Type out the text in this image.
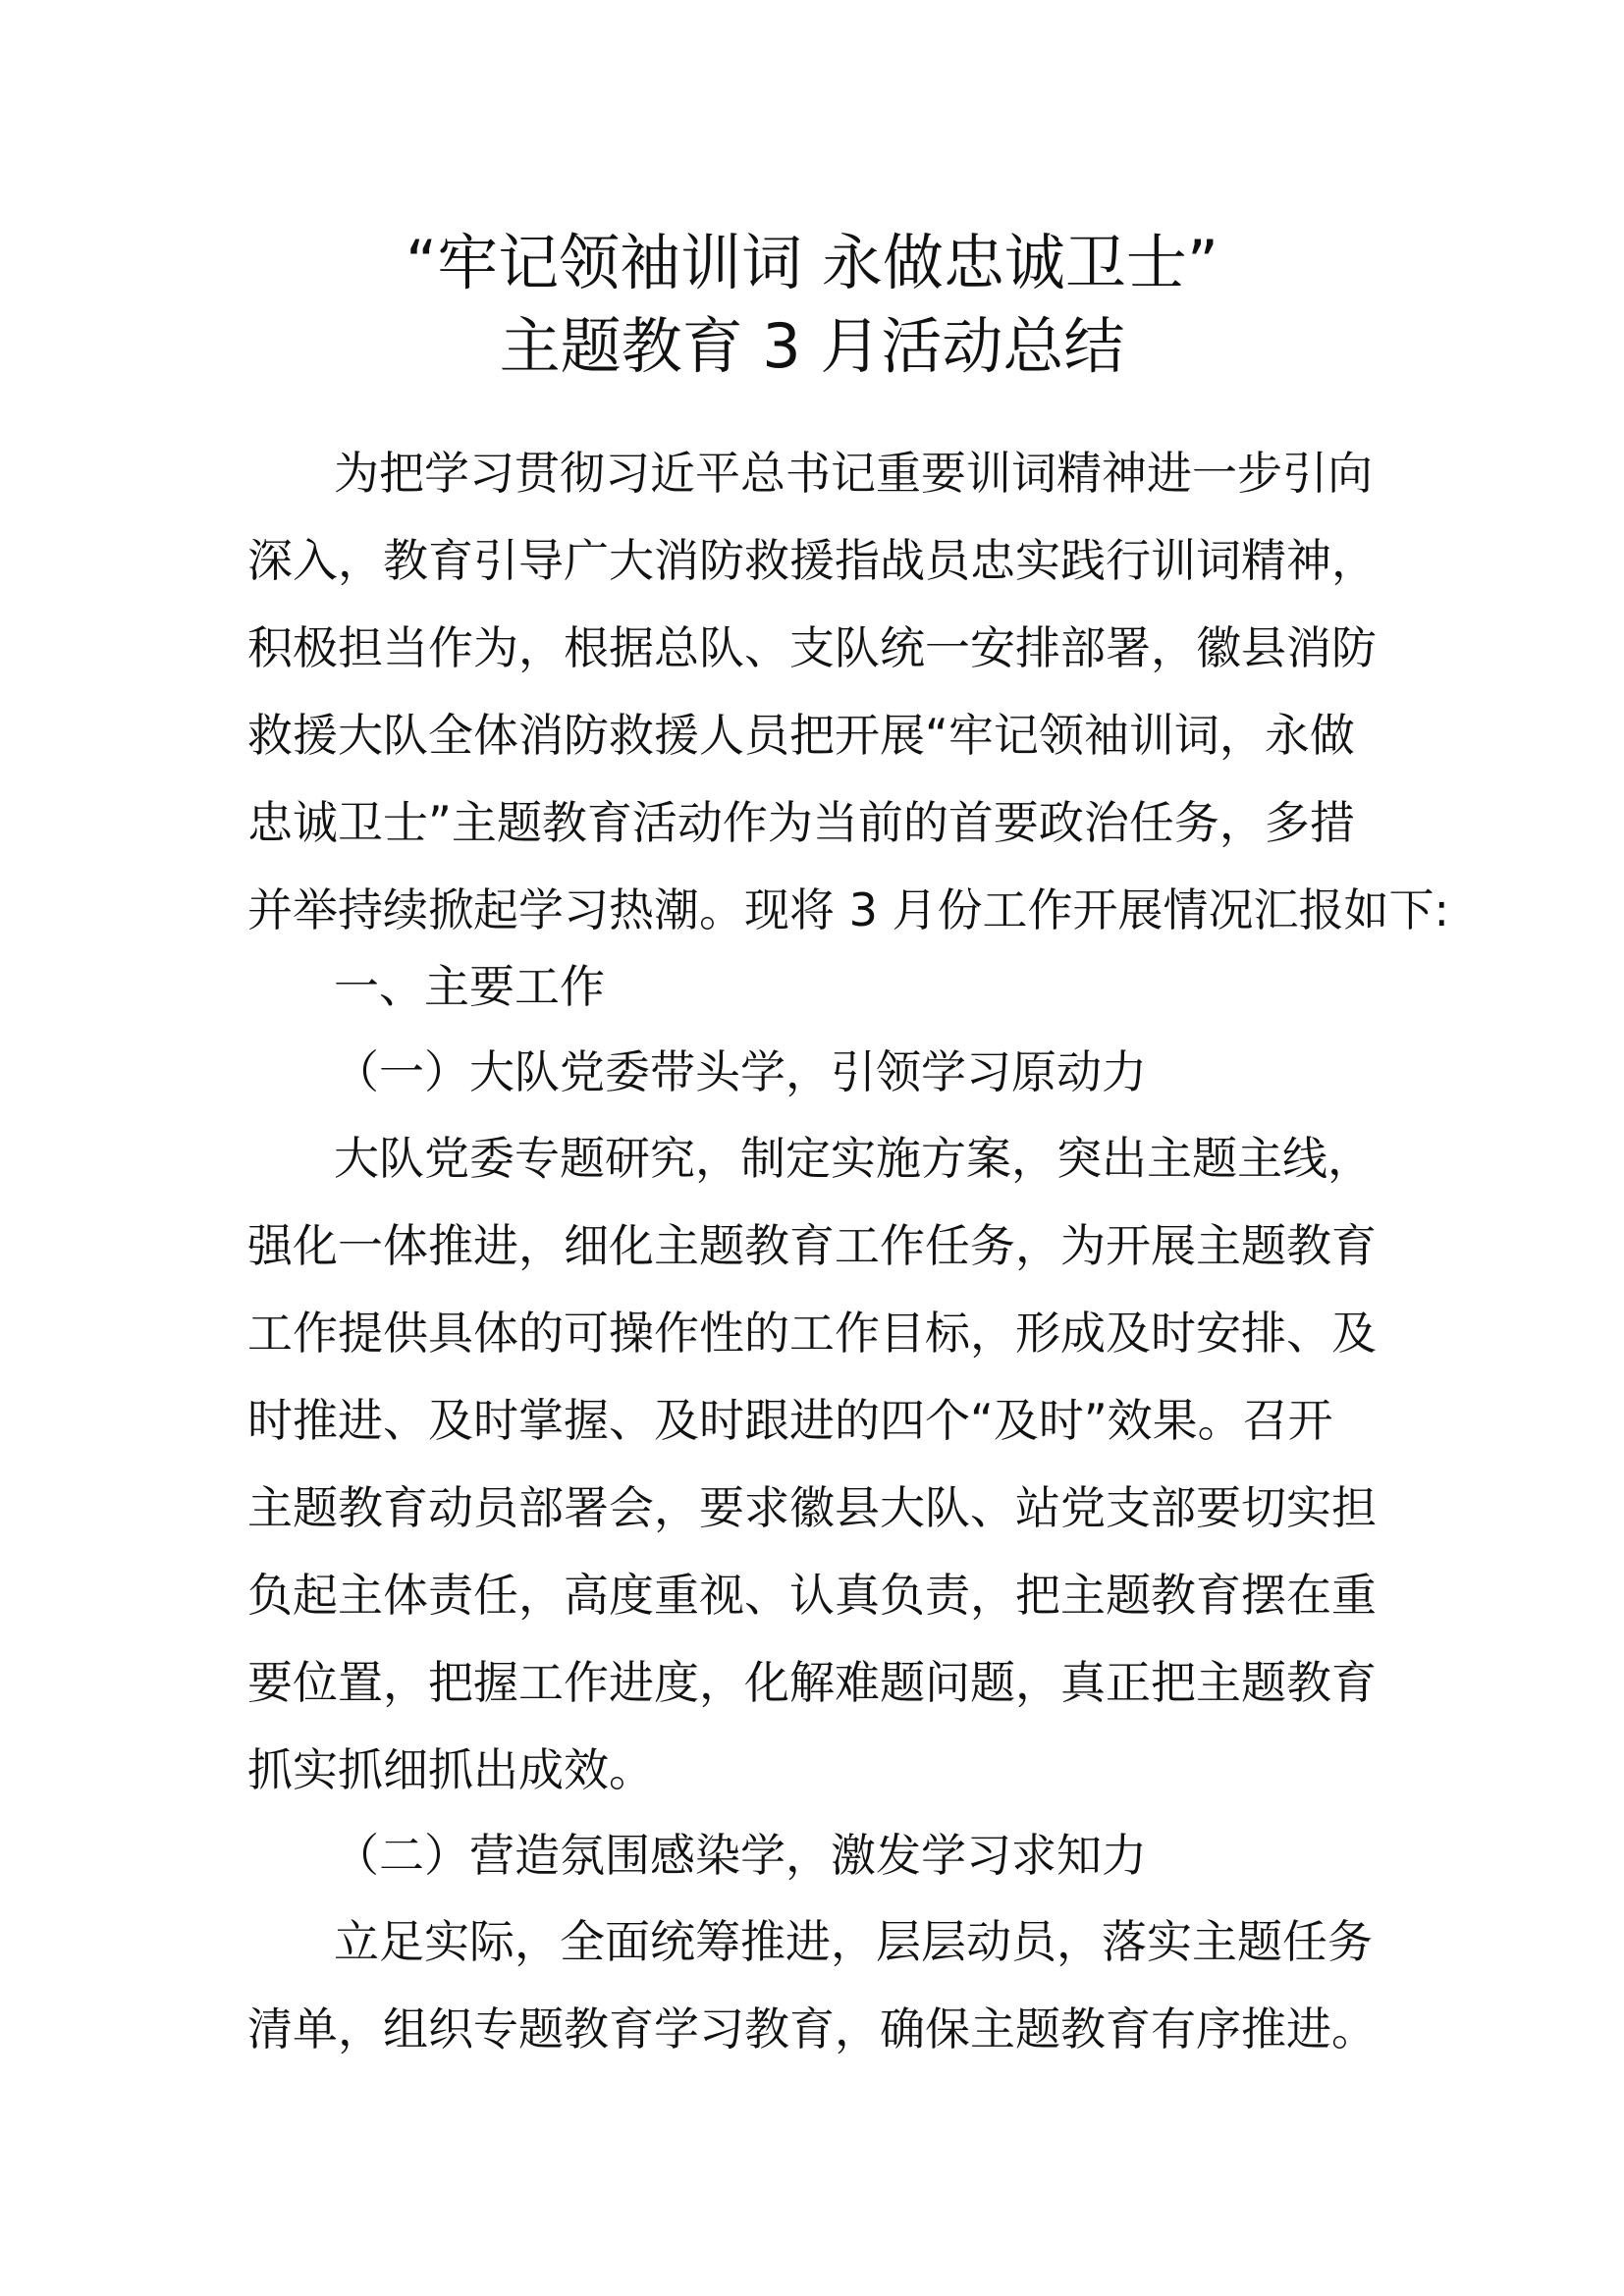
“牢记领袖训词 永做忠诚卫士”
主题教育 3 月活动总结
为把学习贯彻习近平总书记重要训词精神进一步引向
深入，教育引导广大消防救援指战员忠实践行训词精神，
积极担当作为，根据总队、支队统一安排部署，徽县消防
救援大队全体消防救援人员把开展“牢记领袖训词，永做
忠诚卫士”主题教育活动作为当前的首要政治任务，多措
并举持续掀起学习热潮。现将 3 月份工作开展情况汇报如下:
一、主要工作
（一）大队党委带头学，引领学习原动力
大队党委专题研究，制定实施方案，突出主题主线，
强化一体推进，细化主题教育工作任务，为开展主题教育
工作提供具体的可操作性的工作目标，形成及时安排、及
时推进、及时掌握、及时跟进的四个“及时”效果。召开
主题教育动员部署会，要求徽县大队、站党支部要切实担
负起主体责任，高度重视、认真负责，把主题教育摆在重
要位置，把握工作进度，化解难题问题，真正把主题教育
抓实抓细抓出成效。
（二）营造氛围感染学，激发学习求知力
立足实际，全面统筹推进，层层动员，落实主题任务
清单，组织专题教育学习教育，确保主题教育有序推进。
